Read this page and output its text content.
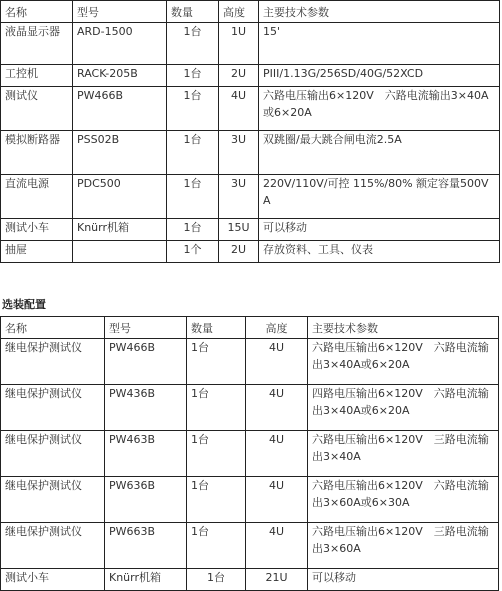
名称	型号	数量	高度	主要技术参数
液晶显示器	ARD-1500	1台	1U	15'
工控机	RACK-205B	1台	2U	PIII/1.13G/256SD/40G/52XCD
测试仪	PW466B	1台	4U	六路电压输出6×120V　六路电流输出3×40A或6×20A
模拟断路器	PSS02B	1台	3U	双跳圈/最大跳合闸电流2.5A
直流电源	PDC500	1台	3U	220V/110V/可控 115%/80% 额定容量500VA
测试小车	Knürr机箱	1台	15U	可以移动
抽屉		1个	2U	存放资料、工具、仪表
选装配置
名称	型号	数量	高度	主要技术参数
继电保护测试仪	PW466B	1台	4U	六路电压输出6×120V　六路电流输出3×40A或6×20A
继电保护测试仪	PW436B	1台	4U	四路电压输出6×120V　六路电流输出3×40A或6×20A
继电保护测试仪	PW463B	1台	4U	六路电压输出6×120V　三路电流输出3×40A
继电保护测试仪	PW636B	1台	4U	六路电压输出6×120V　六路电流输出3×60A或6×30A
继电保护测试仪	PW663B	1台	4U	六路电压输出6×120V　三路电流输出3×60A
测试小车	Knürr机箱	1台	21U	可以移动
